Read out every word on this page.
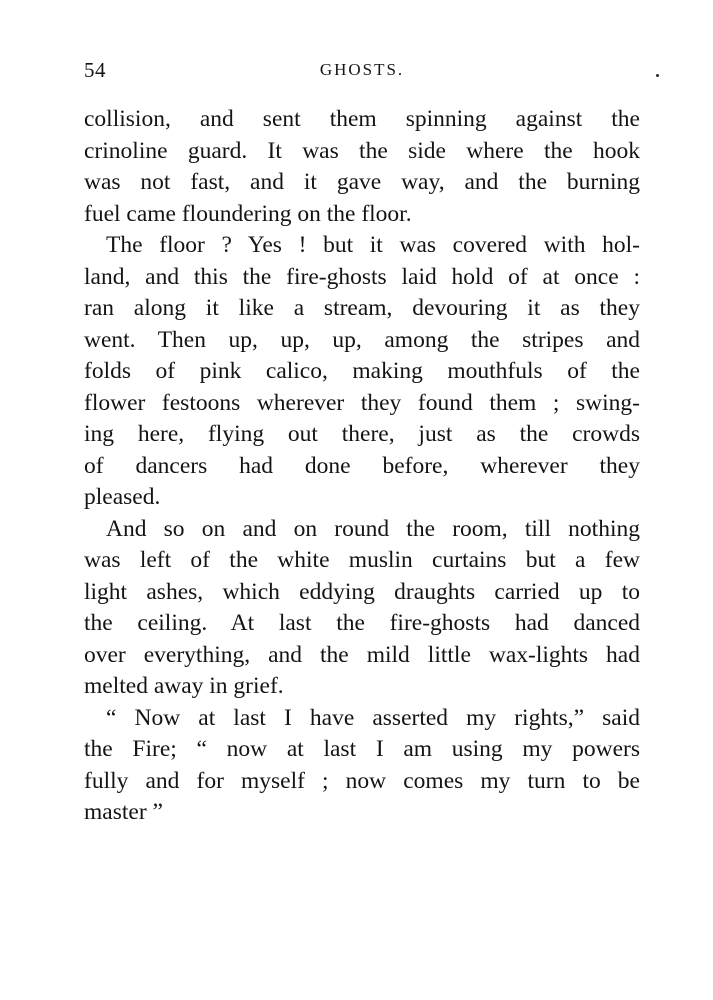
54	GHOSTS.
collision, and sent them spinning against the
crinoline guard. It was the side where the hook
was not fast, and it gave way, and the burning
fuel came floundering on the floor.
The floor ? Yes ! but it was covered with hol-
land, and this the fire-ghosts laid hold of at once :
ran along it like a stream, devouring it as they
went. Then up, up, up, among the stripes and
folds of pink calico, making mouthfuls of the
flower festoons wherever they found them ; swing-
ing here, flying out there, just as the crowds
of dancers had done before, wherever they
pleased.
And so on and on round the room, till nothing
was left of the white muslin curtains but a few
light ashes, which eddying draughts carried up to
the ceiling. At last the fire-ghosts had danced
over everything, and the mild little wax-lights had
melted away in grief.
“ Now at last I have asserted my rights,” said
the Fire; “ now at last I am using my powers
fully and for myself ; now comes my turn to be
master ”
